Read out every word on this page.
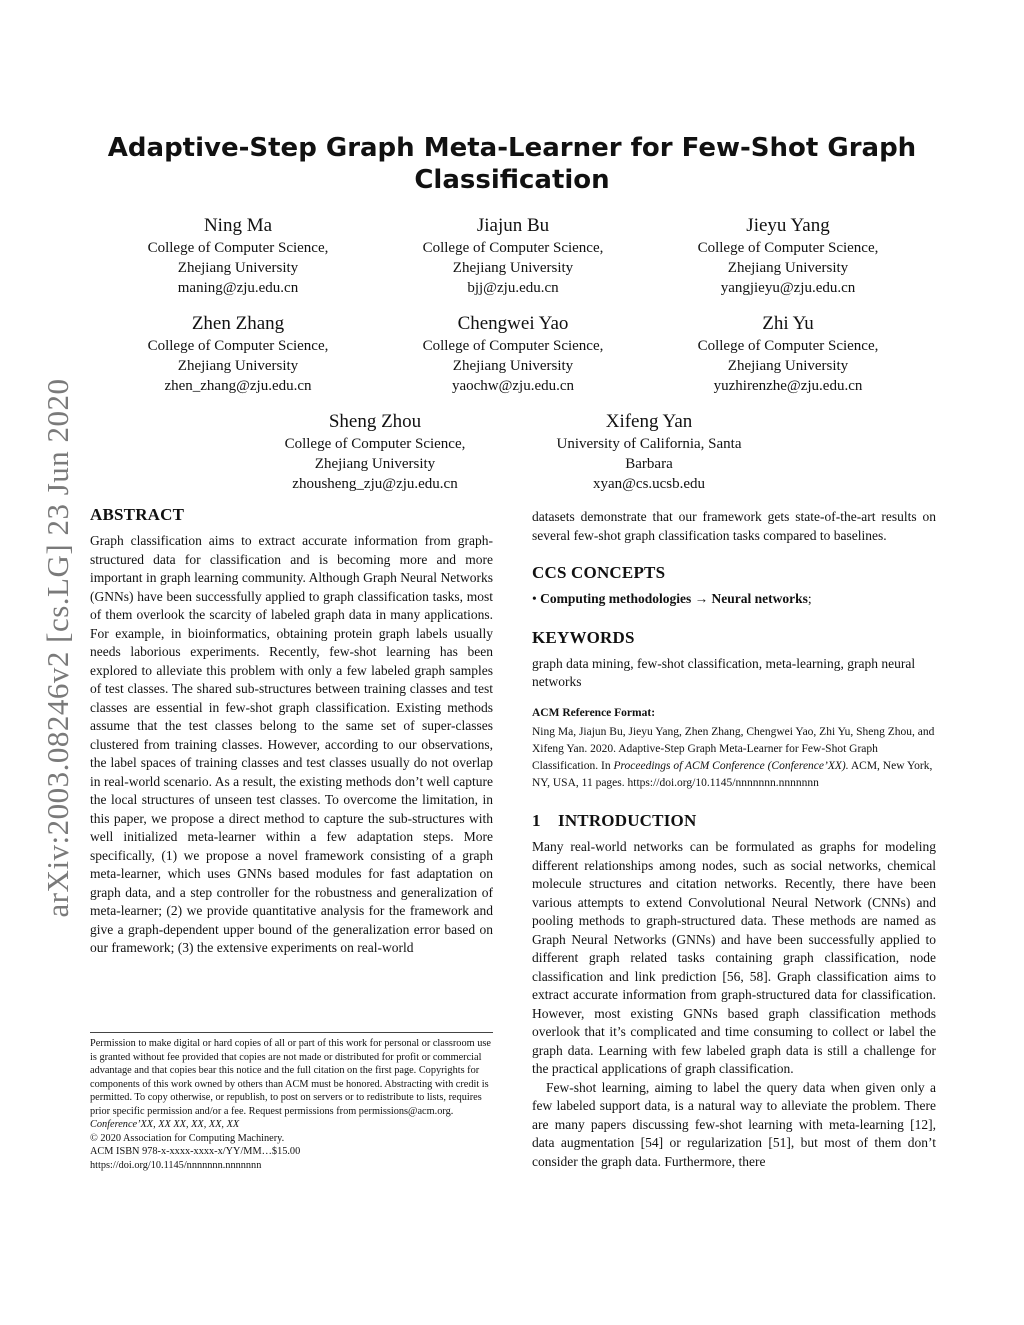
arXiv:2003.08246v2 [cs.LG] 23 Jun 2020
Adaptive-Step Graph Meta-Learner for Few-Shot Graph Classification
Ning Ma
College of Computer Science,
Zhejiang University
maning@zju.edu.cn
Jiajun Bu
College of Computer Science,
Zhejiang University
bjj@zju.edu.cn
Jieyu Yang
College of Computer Science,
Zhejiang University
yangjieyu@zju.edu.cn
Zhen Zhang
College of Computer Science,
Zhejiang University
zhen_zhang@zju.edu.cn
Chengwei Yao
College of Computer Science,
Zhejiang University
yaochw@zju.edu.cn
Zhi Yu
College of Computer Science,
Zhejiang University
yuzhirenzhe@zju.edu.cn
Sheng Zhou
College of Computer Science,
Zhejiang University
zhousheng_zju@zju.edu.cn
Xifeng Yan
University of California, Santa
Barbara
xyan@cs.ucsb.edu
ABSTRACT

Graph classification aims to extract accurate information from graph-structured data for classification and is becoming more and more important in graph learning community. Although Graph Neural Networks (GNNs) have been successfully applied to graph classification tasks, most of them overlook the scarcity of labeled graph data in many applications. For example, in bioinformatics, obtaining protein graph labels usually needs laborious experiments. Recently, few-shot learning has been explored to alleviate this problem with only a few labeled graph samples of test classes. The shared sub-structures between training classes and test classes are essential in few-shot graph classification. Existing methods assume that the test classes belong to the same set of super-classes clustered from training classes. However, according to our observations, the label spaces of training classes and test classes usually do not overlap in real-world scenario. As a result, the existing methods don’t well capture the local structures of unseen test classes. To overcome the limitation, in this paper, we propose a direct method to capture the sub-structures with well initialized meta-learner within a few adaptation steps. More specifically, (1) we propose a novel framework consisting of a graph meta-learner, which uses GNNs based modules for fast adaptation on graph data, and a step controller for the robustness and generalization of meta-learner; (2) we provide quantitative analysis for the framework and give a graph-dependent upper bound of the generalization error based on our framework; (3) the extensive experiments on real-world

Permission to make digital or hard copies of all or part of this work for personal or classroom use is granted without fee provided that copies are not made or distributed for profit or commercial advantage and that copies bear this notice and the full citation on the first page. Copyrights for components of this work owned by others than ACM must be honored. Abstracting with credit is permitted. To copy otherwise, or republish, to post on servers or to redistribute to lists, requires prior specific permission and/or a fee. Request permissions from permissions@acm.org.

Conference’XX, XX XX, XX, XX, XX

© 2020 Association for Computing Machinery.

ACM ISBN 978-x-xxxx-xxxx-x/YY/MM…$15.00

https://doi.org/10.1145/nnnnnnn.nnnnnnn

datasets demonstrate that our framework gets state-of-the-art results on several few-shot graph classification tasks compared to baselines.

CCS CONCEPTS

• Computing methodologies → Neural networks;

KEYWORDS

graph data mining, few-shot classification, meta-learning, graph neural networks

ACM Reference Format:

Ning Ma, Jiajun Bu, Jieyu Yang, Zhen Zhang, Chengwei Yao, Zhi Yu, Sheng Zhou, and Xifeng Yan. 2020. Adaptive-Step Graph Meta-Learner for Few-Shot Graph Classification. In Proceedings of ACM Conference (Conference’XX). ACM, New York, NY, USA, 11 pages. https://doi.org/10.1145/nnnnnnn.nnnnnnn

1 INTRODUCTION

Many real-world networks can be formulated as graphs for modeling different relationships among nodes, such as social networks, chemical molecule structures and citation networks. Recently, there have been various attempts to extend Convolutional Neural Network (CNNs) and pooling methods to graph-structured data. These methods are named as Graph Neural Networks (GNNs) and have been successfully applied to different graph related tasks containing graph classification, node classification and link prediction [56, 58]. Graph classification aims to extract accurate information from graph-structured data for classification. However, most existing GNNs based graph classification methods overlook that it’s complicated and time consuming to collect or label the graph data. Learning with few labeled graph data is still a challenge for the practical applications of graph classification.

Few-shot learning, aiming to label the query data when given only a few labeled support data, is a natural way to alleviate the problem. There are many papers discussing few-shot learning with meta-learning [12], data augmentation [54] or regularization [51], but most of them don’t consider the graph data. Furthermore, there
